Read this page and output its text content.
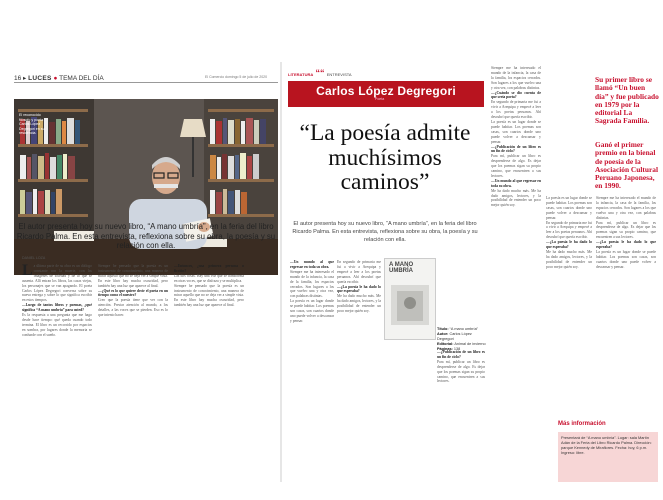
16 ▸ LUCES ● TEMA DEL DÍA	El Comercio domingo 5 de julio de 2020
El reconocido filósofo y poeta Carlos López Degregori en su residencia.
El autor presenta hoy su nuevo libro, “A mano umbría”, en la feria del libro Ricardo Palma. En esta entrevista, reflexiona sobre su obra, la poesía y su relación con ella.
DANIEL LOZA
La última parte de su obra es un diálogo constante con la muerte, con las imágenes de soledad y de lo que se ausenta. Allí entran los libros, las casas viejas, los personajes que se van apagando. El poeta Carlos López Degregori conversa sobre su nueva entrega y sobre lo que significa escribir en estos tiempos.
—Luego de tantos libros y poemas, ¿qué significa “A mano umbría” para usted?
Es la respuesta a una pregunta que me hago desde hace tiempo: qué queda cuando todo termina. El libro es un recorrido por espacios en sombra, por lugares donde la memoria se confunde con el sueño.
Siempre he pensado que la poesía es un instrumento de conocimiento, una manera de mirar aquello que no se deja ver a simple vista. En este libro hay mucha oscuridad, pero también hay una luz que aparece al final.
—¿Qué es lo que quiere decir el poeta en un tiempo como el nuestro?
Creo que la poesía tiene que ver con la atención. Prestar atención al mundo, a los detalles, a las voces que se pierden. Eso es lo que intento hacer.
—Entonces, ¿usa primera persona o ficción?
Las dos cosas. Hay una voz que se transforma en otras voces, que se disfraza y se multiplica.
Siempre he pensado que la poesía es un instrumento de conocimiento, una manera de mirar aquello que no se deja ver a simple vista. En este libro hay mucha oscuridad, pero también hay una luz que aparece al final.
LITERATURA ““ ENTREVISTA
Carlos López Degregori
Poeta
“La poesía admite muchísimos caminos”
El autor presenta hoy su nuevo libro, “A mano umbría”, en la feria del libro Ricardo Palma. En esta entrevista, reflexiona sobre su obra, la poesía y su relación con ella.
—Un mundo al que regresar en toda su obra.
Siempre me ha interesado el mundo de la infancia, la casa de la familia, los espacios cerrados. Son lugares a los que vuelvo una y otra vez, con palabras distintas.
La poesía es un lugar donde se puede habitar. Los poemas son casas, son cuartos donde uno puede volver a descansar y pensar.
En segundo de primaria me fui a vivir a Arequipa y empecé a leer a los poetas peruanos. Ahí descubrí que quería escribir.
—¿La poesía le ha dado lo que esperaba?
Me ha dado mucho más. Me ha dado amigos, lectores, y la posibilidad de entender un poco mejor quién soy.
A MANO UMBRÍA
Título: “A mano umbría”
Autor: Carlos López Degregori
Editorial: Animal de invierno
Páginas: 138
—¿Publicación de un libro es un fin de ciclo?
Para mí, publicar un libro es desprenderse de algo. Es dejar que los poemas sigan su propio camino, que encuentren a sus lectores.
Siempre me ha interesado el mundo de la infancia, la casa de la familia, los espacios cerrados. Son lugares a los que vuelvo una y otra vez, con palabras distintas.
—¿Cuándo se dio cuenta de que sería poeta?
En segundo de primaria me fui a vivir a Arequipa y empecé a leer a los poetas peruanos. Ahí descubrí que quería escribir.
La poesía es un lugar donde se puede habitar. Los poemas son casas, son cuartos donde uno puede volver a descansar y pensar.
—¿Publicación de un libro es un fin de ciclo?
Para mí, publicar un libro es desprenderse de algo. Es dejar que los poemas sigan su propio camino, que encuentren a sus lectores.
—Un mundo al que regresar en toda su obra.
Me ha dado mucho más. Me ha dado amigos, lectores, y la posibilidad de entender un poco mejor quién soy.
La poesía es un lugar donde se puede habitar. Los poemas son casas, son cuartos donde uno puede volver a descansar y pensar.
En segundo de primaria me fui a vivir a Arequipa y empecé a leer a los poetas peruanos. Ahí descubrí que quería escribir.
—¿La poesía le ha dado lo que esperaba?
Me ha dado mucho más. Me ha dado amigos, lectores, y la posibilidad de entender un poco mejor quién soy.
Siempre me ha interesado el mundo de la infancia, la casa de la familia, los espacios cerrados. Son lugares a los que vuelvo una y otra vez, con palabras distintas.
Para mí, publicar un libro es desprenderse de algo. Es dejar que los poemas sigan su propio camino, que encuentren a sus lectores.
—¿La poesía le ha dado lo que esperaba?
La poesía es un lugar donde se puede habitar. Los poemas son casas, son cuartos donde uno puede volver a descansar y pensar.
Su primer libro se llamó “Un buen día” y fue publicado en 1979 por la editorial La Sagrada Familia.
Ganó el primer premio en la bienal de poesía de la Asociación Cultural Peruano Japonesa, en 1990.
Más información
Presentará de “A mano umbría”. Lugar: sala Martín Adán de la Feria del Libro Ricardo Palma. Dirección: parque Kennedy de Miraflores. Fecha: hoy, 6 p.m. Ingreso: libre.
